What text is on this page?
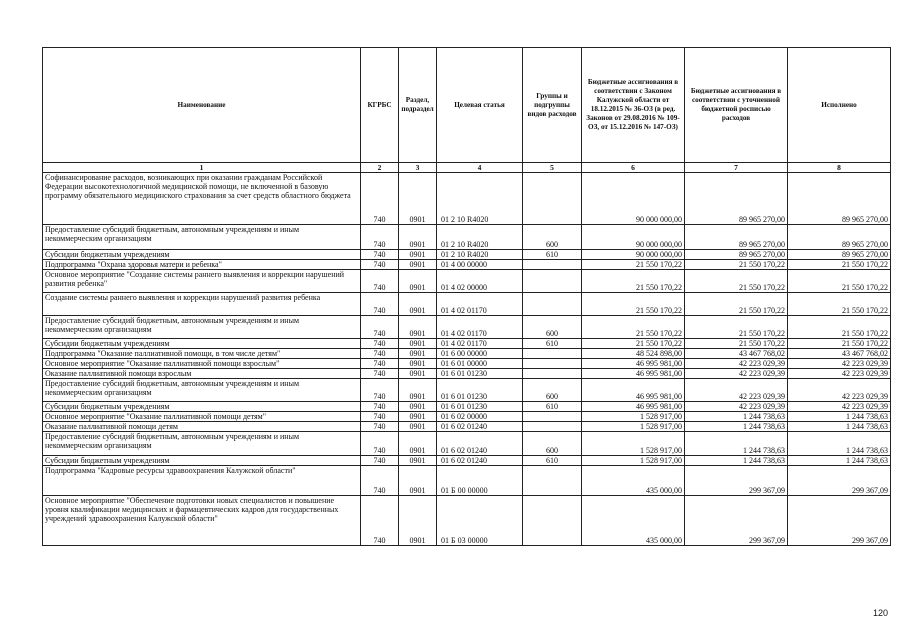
Наименование	КГРБС	Раздел, подраздел	Целевая статья	Группы и подгруппы видов расходов	Бюджетные ассигнования в соответствии с Законом Калужской области от 18.12.2015 № 36-ОЗ (в ред. Законов от 29.08.2016 № 109-ОЗ, от 15.12.2016 № 147-ОЗ)	Бюджетные ассигнования в соответствии с уточненной бюджетной росписью расходов	Исполнено
1	2	3	4	5	6	7	8
Софинансирование расходов, возникающих при оказании гражданам Российской Федерации высокотехнологичной медицинской помощи, не включенной в базовую программу обязательного медицинского страхования за счет средств областного бюджета	740	0901	01 2 10 R4020		90 000 000,00	89 965 270,00	89 965 270,00
Предоставление субсидий бюджетным, автономным учреждениям и иным некоммерческим организациям	740	0901	01 2 10 R4020	600	90 000 000,00	89 965 270,00	89 965 270,00
Субсидии бюджетным учреждениям	740	0901	01 2 10 R4020	610	90 000 000,00	89 965 270,00	89 965 270,00
Подпрограмма "Охрана здоровья матери и ребенка"	740	0901	01 4 00 00000		21 550 170,22	21 550 170,22	21 550 170,22
Основное мероприятие "Создание системы раннего выявления и коррекции нарушений развития ребенка"	740	0901	01 4 02 00000		21 550 170,22	21 550 170,22	21 550 170,22
Создание системы раннего выявления и коррекции нарушений развития ребенка	740	0901	01 4 02 01170		21 550 170,22	21 550 170,22	21 550 170,22
Предоставление субсидий бюджетным, автономным учреждениям и иным некоммерческим организациям	740	0901	01 4 02 01170	600	21 550 170,22	21 550 170,22	21 550 170,22
Субсидии бюджетным учреждениям	740	0901	01 4 02 01170	610	21 550 170,22	21 550 170,22	21 550 170,22
Подпрограмма "Оказание паллиативной помощи, в том числе детям"	740	0901	01 6 00 00000		48 524 898,00	43 467 768,02	43 467 768,02
Основное мероприятие "Оказание паллиативной помощи взрослым"	740	0901	01 6 01 00000		46 995 981,00	42 223 029,39	42 223 029,39
Оказание паллиативной помощи взрослым	740	0901	01 6 01 01230		46 995 981,00	42 223 029,39	42 223 029,39
Предоставление субсидий бюджетным, автономным учреждениям и иным некоммерческим организациям	740	0901	01 6 01 01230	600	46 995 981,00	42 223 029,39	42 223 029,39
Субсидии бюджетным учреждениям	740	0901	01 6 01 01230	610	46 995 981,00	42 223 029,39	42 223 029,39
Основное мероприятие "Оказание паллиативной помощи детям"	740	0901	01 6 02 00000		1 528 917,00	1 244 738,63	1 244 738,63
Оказание паллиативной помощи детям	740	0901	01 6 02 01240		1 528 917,00	1 244 738,63	1 244 738,63
Предоставление субсидий бюджетным, автономным учреждениям и иным некоммерческим организациям	740	0901	01 6 02 01240	600	1 528 917,00	1 244 738,63	1 244 738,63
Субсидии бюджетным учреждениям	740	0901	01 6 02 01240	610	1 528 917,00	1 244 738,63	1 244 738,63
Подпрограмма "Кадровые ресурсы здравоохранения Калужской области"	740	0901	01 Б 00 00000		435 000,00	299 367,09	299 367,09
Основное мероприятие "Обеспечение подготовки новых специалистов и повышение уровня квалификации медицинских и фармацевтических кадров для государственных учреждений здравоохранения Калужской области"	740	0901	01 Б 03 00000		435 000,00	299 367,09	299 367,09
120
